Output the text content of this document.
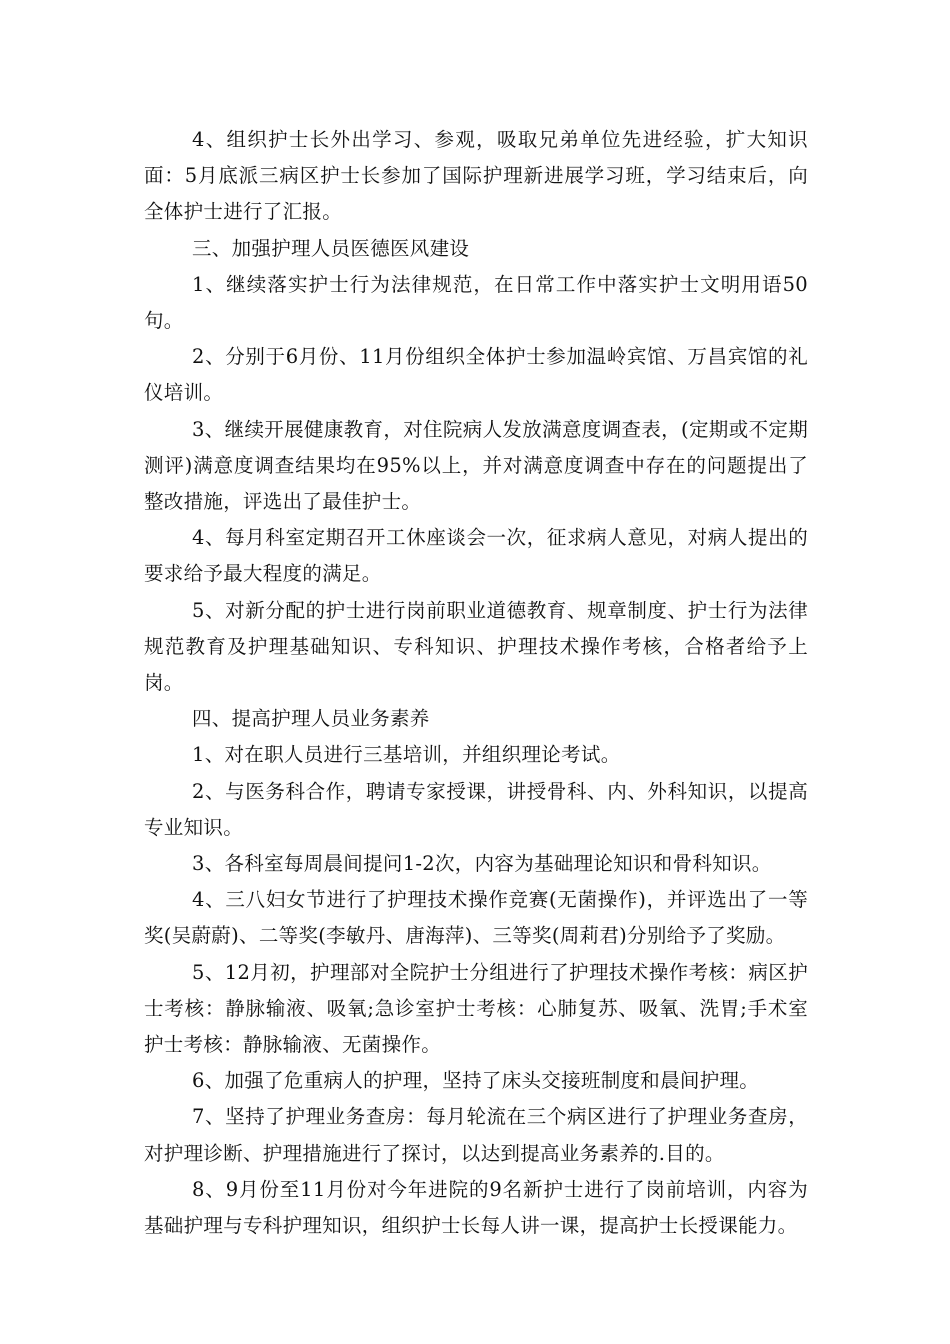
4、组织护士长外出学习、参观，吸取兄弟单位先进经验，扩大知识面：5月底派三病区护士长参加了国际护理新进展学习班，学习结束后，向全体护士进行了汇报。

三、加强护理人员医德医风建设

1、继续落实护士行为法律规范，在日常工作中落实护士文明用语50句。

2、分别于6月份、11月份组织全体护士参加温岭宾馆、万昌宾馆的礼仪培训。

3、继续开展健康教育，对住院病人发放满意度调查表，(定期或不定期测评)满意度调查结果均在95%以上，并对满意度调查中存在的问题提出了整改措施，评选出了最佳护士。

4、每月科室定期召开工休座谈会一次，征求病人意见，对病人提出的要求给予最大程度的满足。

5、对新分配的护士进行岗前职业道德教育、规章制度、护士行为法律规范教育及护理基础知识、专科知识、护理技术操作考核，合格者给予上岗。

四、提高护理人员业务素养

1、对在职人员进行三基培训，并组织理论考试。

2、与医务科合作，聘请专家授课，讲授骨科、内、外科知识，以提高专业知识。

3、各科室每周晨间提问1-2次，内容为基础理论知识和骨科知识。

4、三八妇女节进行了护理技术操作竞赛(无菌操作)，并评选出了一等奖(吴蔚蔚)、二等奖(李敏丹、唐海萍)、三等奖(周莉君)分别给予了奖励。

5、12月初，护理部对全院护士分组进行了护理技术操作考核：病区护士考核：静脉输液、吸氧;急诊室护士考核：心肺复苏、吸氧、洗胃;手术室护士考核：静脉输液、无菌操作。

6、加强了危重病人的护理，坚持了床头交接班制度和晨间护理。

7、坚持了护理业务查房：每月轮流在三个病区进行了护理业务查房，对护理诊断、护理措施进行了探讨，以达到提高业务素养的.目的。

8、9月份至11月份对今年进院的9名新护士进行了岗前培训，内容为基础护理与专科护理知识，组织护士长每人讲一课，提高护士长授课能力。
